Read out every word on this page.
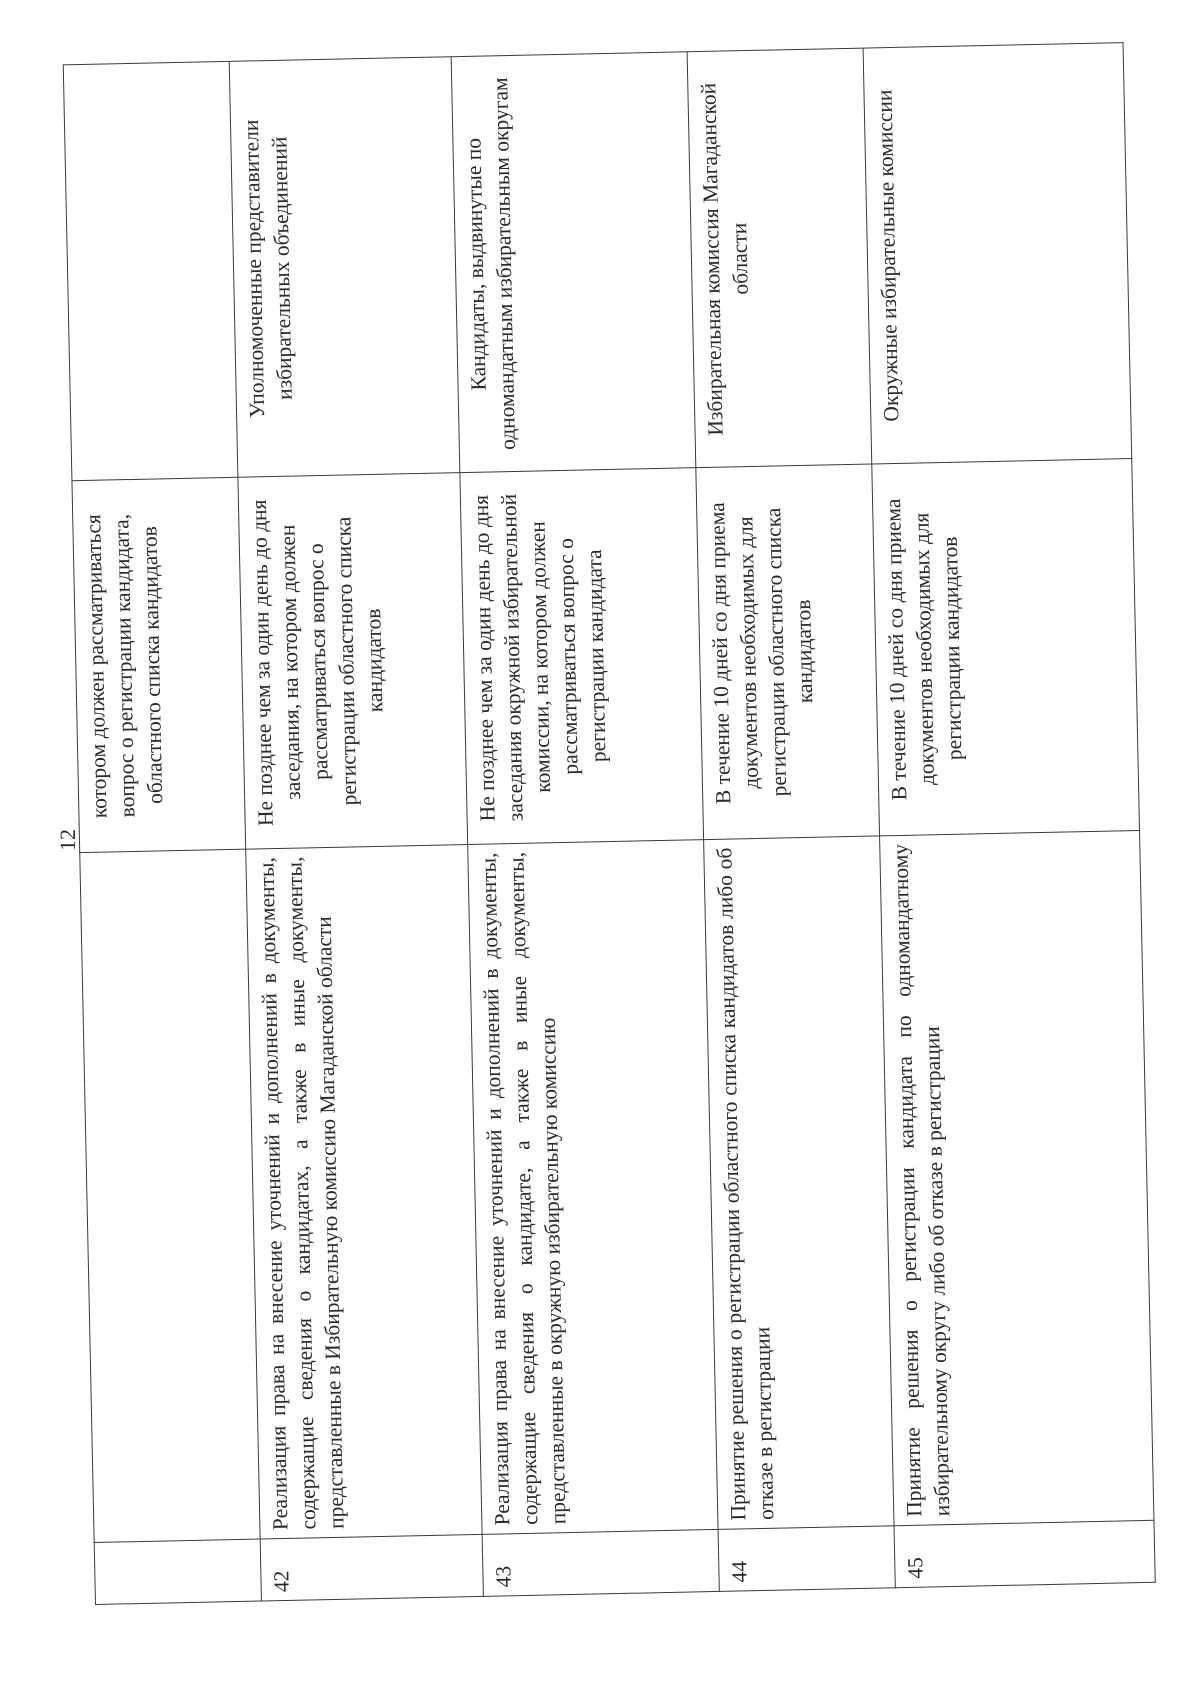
12
		котором должен рассматриваться вопрос о регистрации кандидата, областного списка кандидатов	
42	Реализация права на внесение уточнений и дополнений в документы, содержащие сведения о кандидатах, а также в иные документы, представленные в Избирательную комиссию Магаданской области	Не позднее чем за один день до дня заседания, на котором должен рассматриваться вопрос о регистрации областного списка кандидатов	Уполномоченные представители избирательных объединений
43	Реализация права на внесение уточнений и дополнений в документы, содержащие сведения о кандидате, а также в иные документы, представленные в окружную избирательную комиссию	Не позднее чем за один день до дня заседания окружной избирательной комиссии, на котором должен рассматриваться вопрос о регистрации кандидата	Кандидаты, выдвинутые по одномандатным избирательным округам
44	Принятие решения о регистрации областного списка кандидатов либо об отказе в регистрации	В течение 10 дней со дня приема документов необходимых для регистрации областного списка кандидатов	Избирательная комиссия Магаданской области
45	Принятие решения о регистрации кандидата по одномандатному избирательному округу либо об отказе в регистрации	В течение 10 дней со дня приема документов необходимых для регистрации кандидатов	Окружные избирательные комиссии
